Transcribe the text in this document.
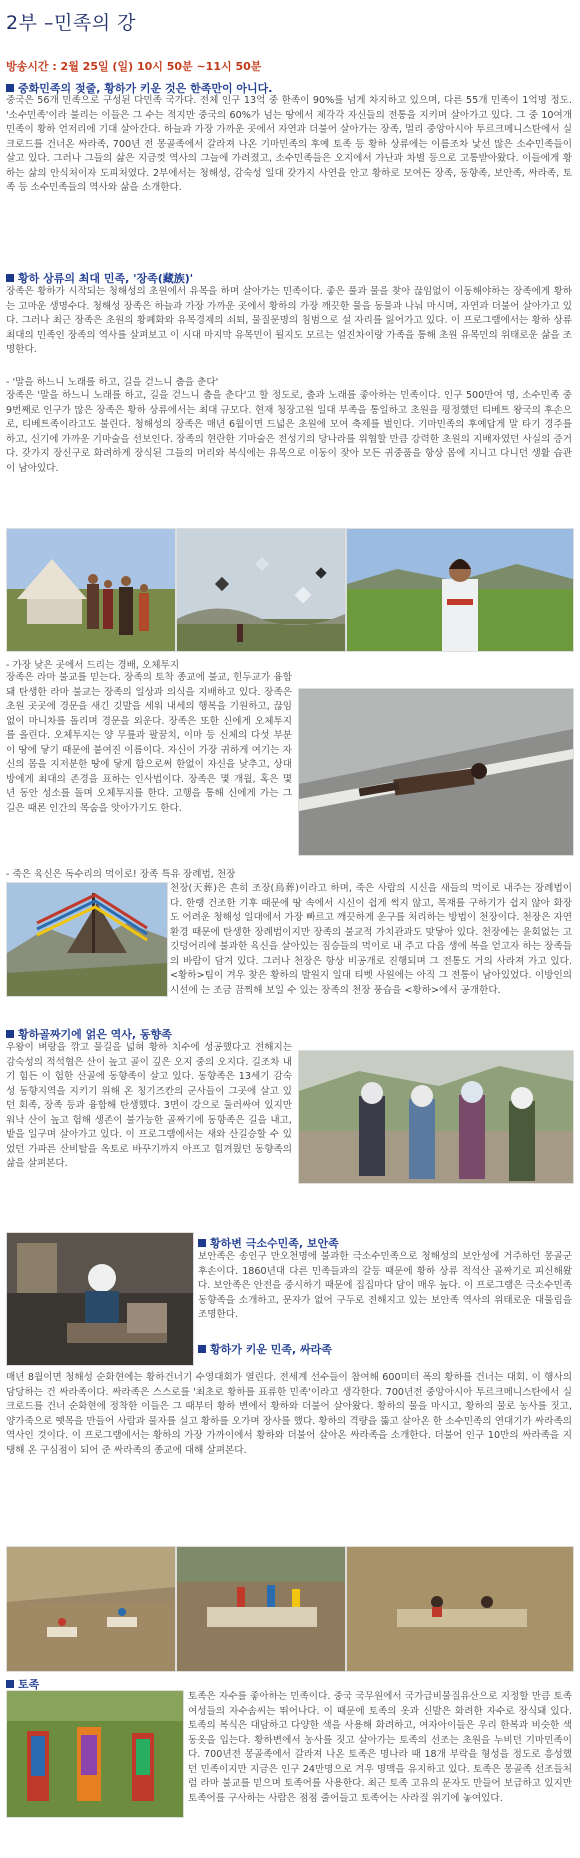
2부 –민족의 강
방송시간 : 2월 25일 (일) 10시 50분 ~11시 50분
중화민족의 젖줄, 황하가 키운 것은 한족만이 아니다.

중국은 56개 민족으로 구성된 다민족 국가다. 전체 인구 13억 중 한족이 90%를 넘게 차지하고 있으며, 다른 55개 민족이 1억명 정도. '소수민족'이라 불리는 이들은 그 수는 적지만 중국의 60%가 넘는 땅에서 제각각 자신들의 전통을 지키며 살아가고 있다. 그 중 10여개 민족이 황하 언저리에 기대 살아간다. 하늘과 가장 가까운 곳에서 자연과 더불어 살아가는 장족, 멀리 중앙아시아 투르크메니스탄에서 실크로드를 건너온 싸라족, 700년 전 몽골족에서 갈라져 나온 기마민족의 후예 토족 등 황하 상류에는 이름조차 낯선 많은 소수민족들이 살고 있다. 그러나 그들의 삶은 지금껏 역사의 그늘에 가려졌고, 소수민족들은 오지에서 가난과 차별 등으로 고통받아왔다. 이들에게 황하는 삶의 안식처이자 도피처였다. 2부에서는 청해성, 감숙성 일대 갖가지 사연을 안고 황하로 모여든 장족, 동향족, 보안족, 싸라족, 토족 등 소수민족들의 역사와 삶을 소개한다.

황하 상류의 최대 민족, '장족(藏族)'

장족은 황하가 시작되는 청해성의 초원에서 유목을 하며 살아가는 민족이다. 좋은 풀과 물을 찾아 끊임없이 이동해야하는 장족에게 황하는 고마운 생명수다. 청해성 장족은 하늘과 가장 가까운 곳에서 황하의 가장 깨끗한 물을 동물과 나눠 마시며, 자연과 더불어 살아가고 있다. 그러나 최근 장족은 초원의 황폐화와 유목경제의 쇠퇴, 물질문명의 침범으로 설 자리를 잃어가고 있다. 이 프로그램에서는 황하 상류 최대의 민족인 장족의 역사를 살펴보고 이 시대 마지막 유목민이 될지도 모르는 얼진차이랑 가족을 통해 초원 유목민의 위태로운 삶을 조명한다.

- '말을 하느니 노래를 하고, 길을 걷느니 춤을 춘다'

장족은 '말을 하느니 노래를 하고, 길을 걷느니 춤을 춘다'고 할 정도로, 춤과 노래를 좋아하는 민족이다. 인구 500만여 명, 소수민족 중 9번째로 인구가 많은 장족은 황하 상류에서는 최대 규모다. 현재 청장고원 일대 부족을 통일하고 초원을 평정했던 티베트 왕국의 후손으로, 티베트족이라고도 불린다. 청해성의 장족은 매년 6월이면 드넓은 초원에 모여 축제를 벌인다. 기마민족의 후예답게 말 타기 경주를 하고, 신기에 가까운 기마술을 선보인다. 장족의 현란한 기마술은 전성기의 당나라를 위협할 만큼 강력한 초원의 지배자였던 사실의 증거다. 갖가지 장신구로 화려하게 장식된 그들의 머리와 복식에는 유목으로 이동이 잦아 모든 귀중품을 항상 몸에 지니고 다니던 생활 습관이 남아있다.

- 가장 낮은 곳에서 드리는 경배, 오체투지

장족은 라마 불교를 믿는다. 장족의 토착 종교에 불교, 힌두교가 융합돼 탄생한 라마 불교는 장족의 일상과 의식을 지배하고 있다. 장족은 초원 곳곳에 경문을 새긴 깃발을 세워 내세의 행복을 기원하고, 끊임없이 마니차를 돌리며 경문을 외운다. 장족은 또한 신에게 오체투지를 올린다. 오체투지는 양 무릎과 팔꿈치, 이마 등 신체의 다섯 부분이 땅에 닿기 때문에 붙여진 이름이다. 자신이 가장 귀하게 여기는 자신의 몸을 지저분한 땅에 닿게 함으로써 한없이 자신을 낮추고, 상대방에게 최대의 존경을 표하는 인사법이다. 장족은 몇 개월, 혹은 몇 년 동안 성소를 돌며 오체투지를 한다. 고행을 통해 신에게 가는 그 길은 때론 인간의 목숨을 앗아가기도 한다.

- 죽은 육신은 독수리의 먹이로! 장족 특유 장례법, 천장

천장(天葬)은 흔히 조장(鳥葬)이라고 하며, 죽은 사람의 시신을 새들의 먹이로 내주는 장례법이다. 한랭 건조한 기후 때문에 땅 속에서 시신이 쉽게 썩지 않고, 목재를 구하기가 쉽지 않아 화장도 어려운 청해성 일대에서 가장 빠르고 깨끗하게 운구를 처리하는 방법이 천장이다. 천장은 자연환경 때문에 탄생한 장례법이지만 장족의 불교적 가치관과도 맞닿아 있다. 천장에는 윤회없는 고깃덩어리에 불과한 육신을 살아있는 짐승들의 먹이로 내 주고 다음 생에 복을 얻고자 하는 장족들의 바람이 담겨 있다. 그러나 천장은 항상 비공개로 진행되며 그 전통도 거의 사라져 가고 있다. <황하>팀이 겨우 찾은 황하의 발원지 일대 티벳 사원에는 아직 그 전통이 남아있었다. 이방인의 시선에 는 조금 끔찍해 보일 수 있는 장족의 천장 풍습을 <황하>에서 공개한다.

황하골짜기에 얽은 역사, 동향족

우왕이 벼랑을 깎고 물길을 넓혀 황하 치수에 성공했다고 전해지는 감숙성의 적석협은 산이 높고 골이 깊은 오지 중의 오지다. 길조차 내기 힘든 이 험한 산골에 동향족이 살고 있다. 동향족은 13세기 감숙성 동향지역을 지키기 위해 온 칭기즈칸의 군사들이 그곳에 살고 있던 회족, 장족 등과 융합해 탄생했다. 3면이 강으로 둘러싸여 있지만 워낙 산이 높고 험해 생존이 불가능한 골짜기에 동향족은 길을 내고, 밭을 일구며 살아가고 있다. 이 프로그램에서는 새와 산길승할 수 있었던 가파른 산비탈을 옥토로 바꾸기까지 아프고 힘겨웠던 동향족의 삶을 살펴본다.

황하변 극소수민족, 보안족

보안족은 송인구 만오천명에 불과한 극소수민족으로 청해성의 보안성에 거주하던 몽골군 후손이다. 1860년대 다른 민족들과의 갈등 때문에 황하 상류 적석산 골짜기로 피신해왔다. 보안족은 안전을 중시하기 때문에 집집마다 담이 매우 높다. 이 프로그램은 극소수민족 동향족을 소개하고, 문자가 없어 구두로 전해지고 있는 보안족 역사의 위태로운 대물림을 조명한다.

황하가 키운 민족, 싸라족

매년 8월이면 청해성 순화현에는 황하건너기 수영대회가 열린다. 전세계 선수들이 참여해 600미터 폭의 황하를 건너는 대회. 이 행사의 담당하는 건 싸라족이다. 싸라족은 스스로를 '최초로 황하를 표류한 민족'이라고 생각한다. 700년전 중앙아시아 투르크메니스탄에서 실크로드를 건너 순화현에 정착한 이들은 그 때부터 황하 변에서 황하와 더불어 살아왔다. 황하의 물을 마시고, 황하의 물로 농사를 짓고, 양가죽으로 뗏목을 만들어 사람과 물자를 실고 황하를 오가며 장사를 했다. 황하의 격량을 뚫고 살아온 한 소수민족의 연대기가 싸라족의 역사인 것이다. 이 프로그램에서는 황하의 가장 가까이에서 황하와 더불어 살아온 싸라족을 소개한다. 더불어 인구 10만의 싸라족을 지탱해 온 구심점이 되어 준 싸라족의 종교에 대해 살펴본다.

토족

토족은 자수를 좋아하는 민족이다. 중국 국무원에서 국가급비물질유산으로 지정할 만큼 토족 여성들의 자수솜씨는 뛰어나다. 이 때문에 토족의 옷과 신발은 화려한 자수로 장식돼 있다. 토족의 복식은 대담하고 다양한 색을 사용해 화려하고, 여자아이들은 우리 한복과 비슷한 색동옷을 입는다. 황하변에서 농사를 짓고 살아가는 토족의 선조는 초원을 누비던 기마민족이다. 700년전 몽골족에서 갈라져 나온 토족은 명나라 때 18개 부락을 형성을 정도로 흥성했던 민족이지만 지금은 인구 24만명으로 겨우 명맥을 유지하고 있다. 토족은 몽골족 선조들처럼 라마 불교를 믿으며 토족어를 사용한다. 최근 토족 고유의 문자도 만들어 보급하고 있지만 토족어를 구사하는 사람은 점점 줄어들고 토족어는 사라질 위기에 놓여있다.
